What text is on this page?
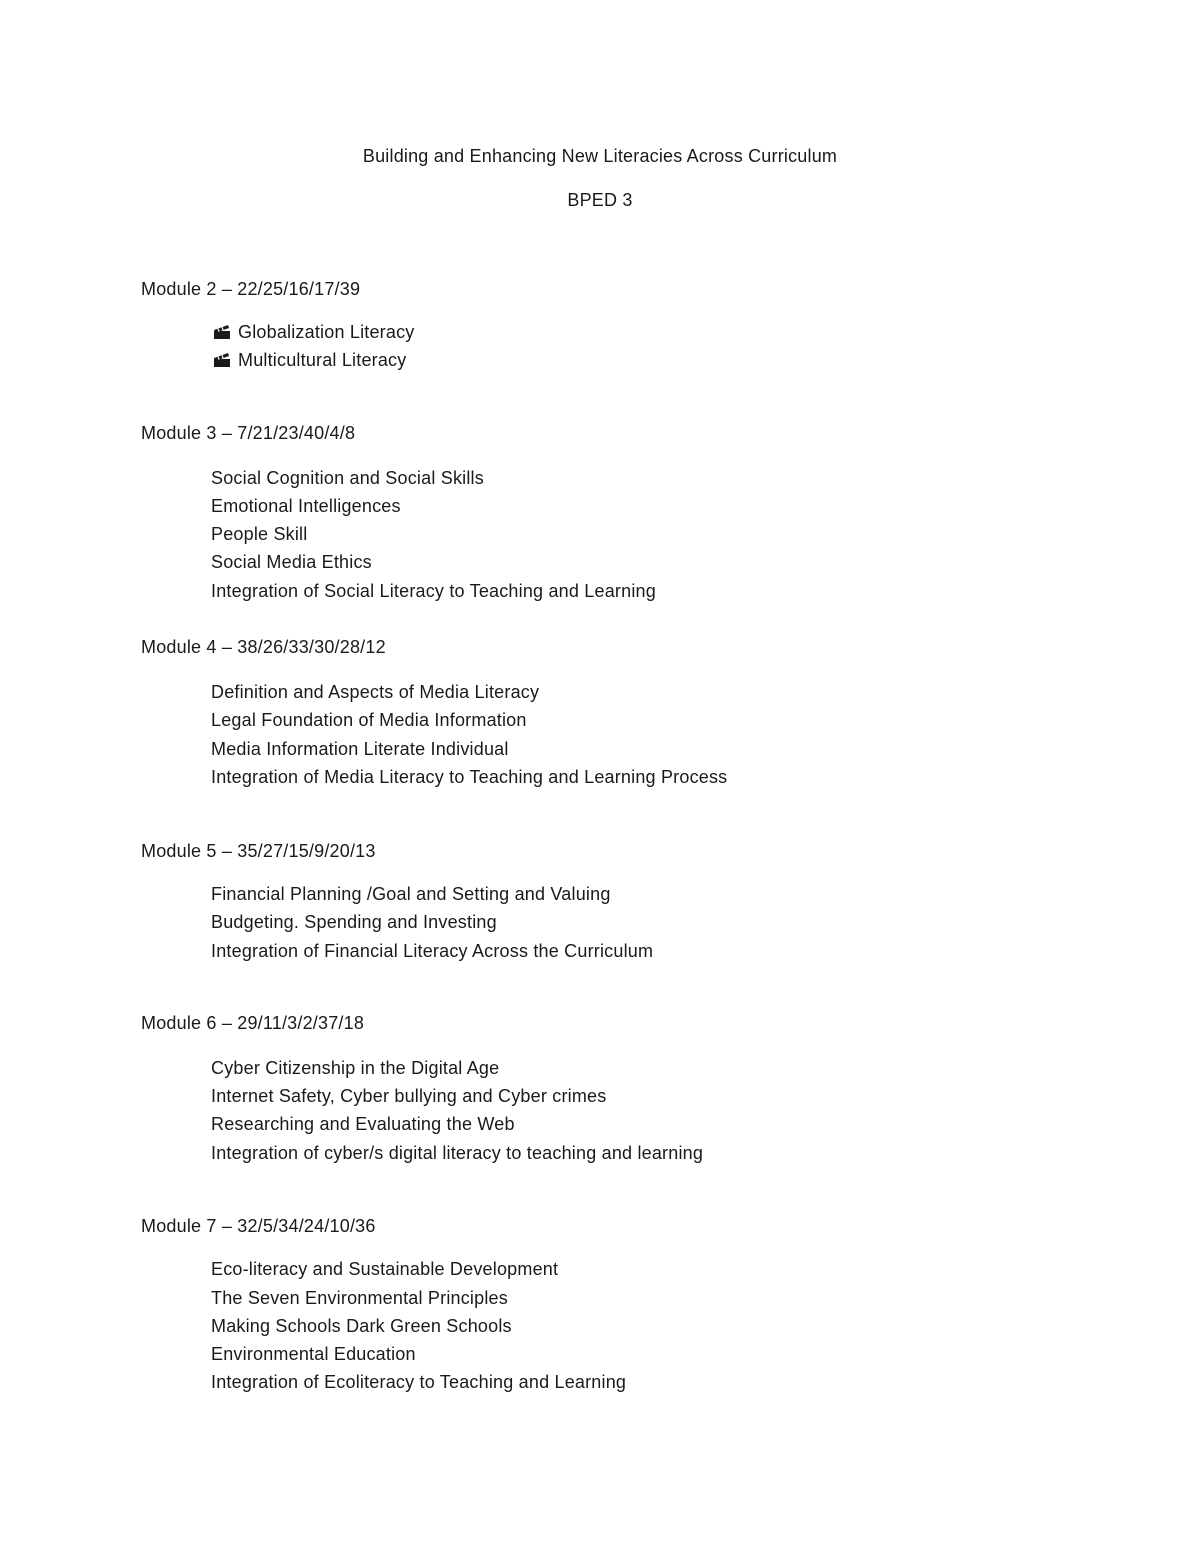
Building and Enhancing New Literacies Across Curriculum
BPED 3
Module 2 – 22/25/16/17/39
Globalization Literacy
Multicultural Literacy
Module 3 – 7/21/23/40/4/8
Social Cognition and Social Skills
Emotional Intelligences
People Skill
Social Media Ethics
Integration of Social Literacy to Teaching and Learning
Module 4 – 38/26/33/30/28/12
Definition and Aspects of Media Literacy
Legal Foundation of Media Information
Media Information Literate Individual
Integration of Media Literacy to Teaching and Learning Process
Module 5 – 35/27/15/9/20/13
Financial Planning /Goal and Setting and Valuing
Budgeting. Spending and Investing
Integration of Financial Literacy Across the Curriculum
Module 6 – 29/11/3/2/37/18
Cyber Citizenship in the Digital Age
Internet Safety, Cyber bullying and Cyber crimes
Researching and Evaluating the Web
Integration of cyber/s digital literacy to teaching and learning
Module 7 – 32/5/34/24/10/36
Eco-literacy and Sustainable Development
The Seven Environmental Principles
Making Schools Dark Green Schools
Environmental Education
Integration of Ecoliteracy to Teaching and Learning
